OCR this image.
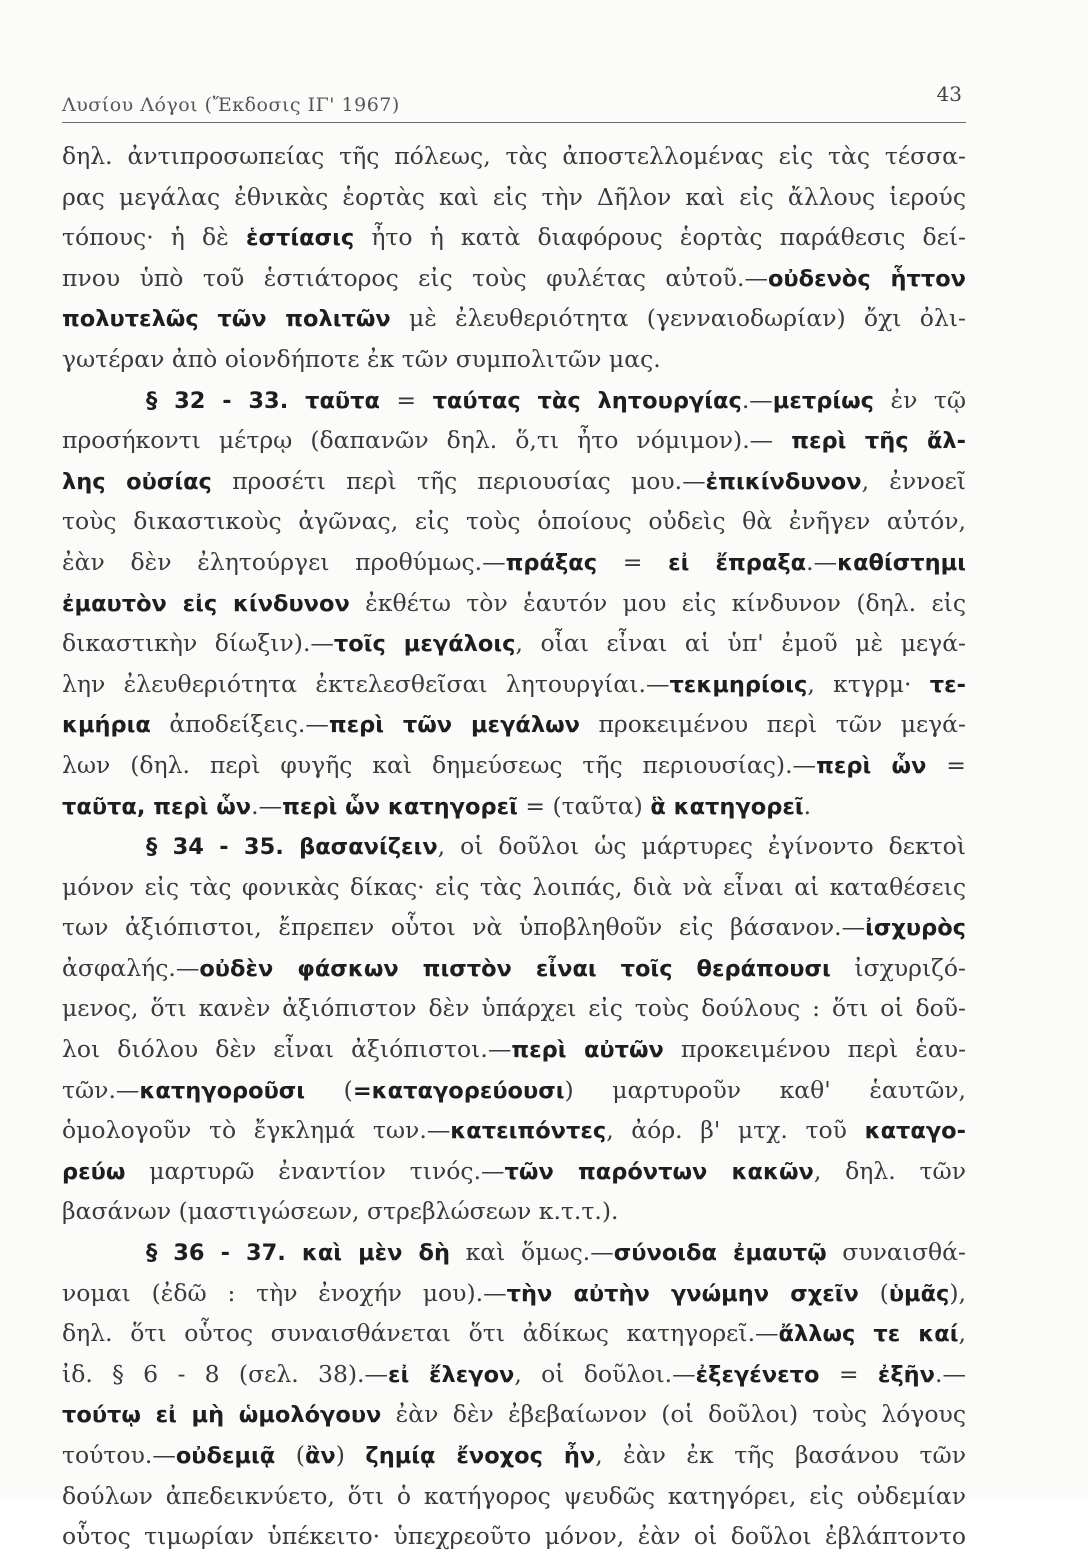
Λυσίου Λόγοι (Ἔκδοσις ΙΓ' 1967)	43
δηλ. ἀντιπροσωπείας τῆς πόλεως, τὰς ἀποστελλομένας εἰς τὰς τέσσα-
ρας μεγάλας ἐθνικὰς ἑορτὰς καὶ εἰς τὴν Δῆλον καὶ εἰς ἄλλους ἱερούς
τόπους· ἡ δὲ ἑστίασις ἦτο ἡ κατὰ διαφόρους ἑορτὰς παράθεσις δεί-
πνου ὑπὸ τοῦ ἑστιάτορος εἰς τοὺς φυλέτας αὐτοῦ.—οὐδενὸς ἧττον
πολυτελῶς τῶν πολιτῶν μὲ ἐλευθεριότητα (γενναιοδωρίαν) ὄχι ὀλι-
γωτέραν ἀπὸ οἱονδήποτε ἐκ τῶν συμπολιτῶν μας.
§ 32 - 33. ταῦτα = ταύτας τὰς λητουργίας.—μετρίως ἐν τῷ
προσήκοντι μέτρῳ (δαπανῶν δηλ. ὅ,τι ἦτο νόμιμον).— περὶ τῆς ἄλ-
λης οὐσίας προσέτι περὶ τῆς περιουσίας μου.—ἐπικίνδυνον, ἐννοεῖ
τοὺς δικαστικοὺς ἀγῶνας, εἰς τοὺς ὁποίους οὐδεὶς θὰ ἐνῆγεν αὐτόν,
ἐὰν δὲν ἐλητούργει προθύμως.—πράξας = εἰ ἔπραξα.—καθίστημι
ἐμαυτὸν εἰς κίνδυνον ἐκθέτω τὸν ἑαυτόν μου εἰς κίνδυνον (δηλ. εἰς
δικαστικὴν δίωξιν).—τοῖς μεγάλοις, οἷαι εἶναι αἱ ὑπ' ἐμοῦ μὲ μεγά-
λην ἐλευθεριότητα ἐκτελεσθεῖσαι λητουργίαι.—τεκμηρίοις, κτγρμ· τε-
κμήρια ἀποδείξεις.—περὶ τῶν μεγάλων προκειμένου περὶ τῶν μεγά-
λων (δηλ. περὶ φυγῆς καὶ δημεύσεως τῆς περιουσίας).—περὶ ὧν =
ταῦτα, περὶ ὧν.—περὶ ὧν κατηγορεῖ = (ταῦτα) ἃ κατηγορεῖ.
§ 34 - 35. βασανίζειν, οἱ δοῦλοι ὡς μάρτυρες ἐγίνοντο δεκτοὶ
μόνον εἰς τὰς φονικὰς δίκας· εἰς τὰς λοιπάς, διὰ νὰ εἶναι αἱ καταθέσεις
των ἀξιόπιστοι, ἔπρεπεν οὗτοι νὰ ὑποβληθοῦν εἰς βάσανον.—ἰσχυρὸς
ἀσφαλής.—οὐδὲν φάσκων πιστὸν εἶναι τοῖς θεράπουσι ἰσχυριζό-
μενος, ὅτι κανὲν ἀξιόπιστον δὲν ὑπάρχει εἰς τοὺς δούλους : ὅτι οἱ δοῦ-
λοι διόλου δὲν εἶναι ἀξιόπιστοι.—περὶ αὐτῶν προκειμένου περὶ ἑαυ-
τῶν.—κατηγοροῦσι (=καταγορεύουσι) μαρτυροῦν καθ' ἑαυτῶν,
ὁμολογοῦν τὸ ἔγκλημά των.—κατειπόντες, ἀόρ. β' μτχ. τοῦ καταγο-
ρεύω μαρτυρῶ ἐναντίον τινός.—τῶν παρόντων κακῶν, δηλ. τῶν
βασάνων (μαστιγώσεων, στρεβλώσεων κ.τ.τ.).
§ 36 - 37. καὶ μὲν δὴ καὶ ὅμως.—σύνοιδα ἐμαυτῷ συναισθά-
νομαι (ἐδῶ : τὴν ἐνοχήν μου).—τὴν αὐτὴν γνώμην σχεῖν (ὑμᾶς),
δηλ. ὅτι οὗτος συναισθάνεται ὅτι ἀδίκως κατηγορεῖ.—ἄλλως τε καί,
ἰδ. § 6 - 8 (σελ. 38).—εἰ ἔλεγον, οἱ δοῦλοι.—ἐξεγένετο = ἐξῆν.—
τούτῳ εἰ μὴ ὡμολόγουν ἐὰν δὲν ἐβεβαίωνον (οἱ δοῦλοι) τοὺς λόγους
τούτου.—οὐδεμιᾷ (ἂν) ζημίᾳ ἔνοχος ἦν, ἐὰν ἐκ τῆς βασάνου τῶν
δούλων ἀπεδεικνύετο, ὅτι ὁ κατήγορος ψευδῶς κατηγόρει, εἰς οὐδεμίαν
οὗτος τιμωρίαν ὑπέκειτο· ὑπεχρεοῦτο μόνον, ἐὰν οἱ δοῦλοι ἐβλάπτοντο
